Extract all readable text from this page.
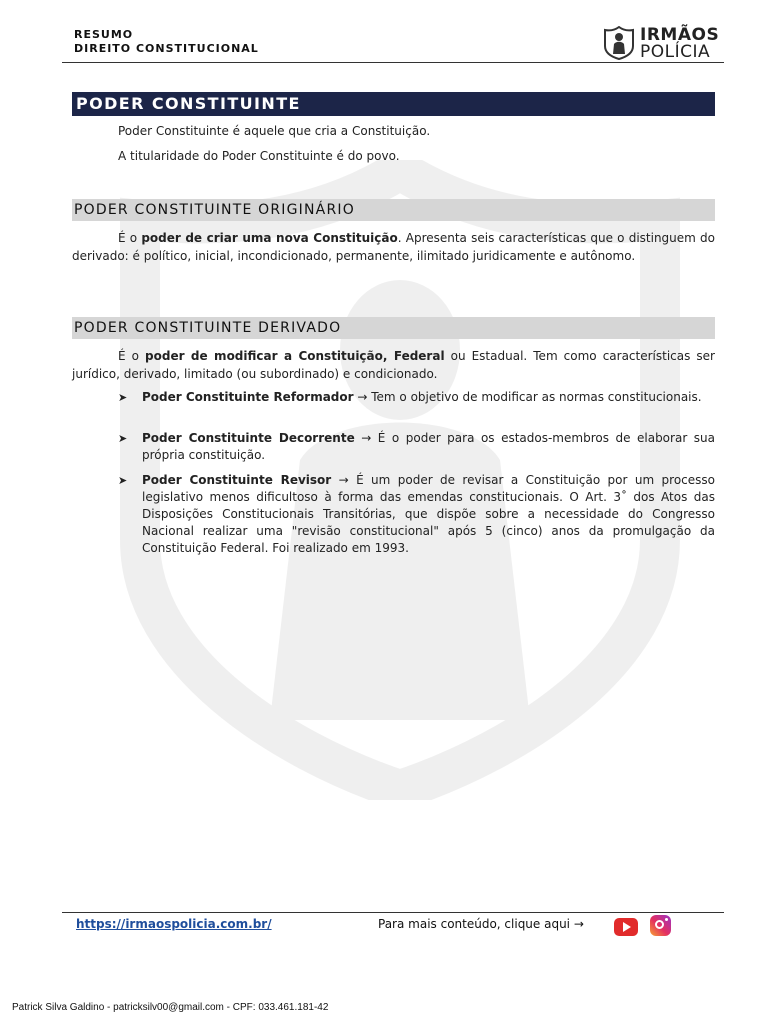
RESUMO
DIREITO CONSTITUCIONAL
IRMÃOS
POLÍCIA
PODER CONSTITUINTE
Poder Constituinte é aquele que cria a Constituição.
A titularidade do Poder Constituinte é do povo.
PODER CONSTITUINTE ORIGINÁRIO
É o poder de criar uma nova Constituição. Apresenta seis características que o distinguem do derivado: é político, inicial, incondicionado, permanente, ilimitado juridicamente e autônomo.
PODER CONSTITUINTE DERIVADO
É o poder de modificar a Constituição, Federal ou Estadual. Tem como características ser jurídico, derivado, limitado (ou subordinado) e condicionado.
➤ Poder Constituinte Reformador → Tem o objetivo de modificar as normas constitucionais.
➤ Poder Constituinte Decorrente → É o poder para os estados-membros de elaborar sua própria constituição.
➤ Poder Constituinte Revisor → É um poder de revisar a Constituição por um processo legislativo menos dificultoso à forma das emendas constitucionais. O Art. 3˚ dos Atos das Disposições Constitucionais Transitórias, que dispõe sobre a necessidade do Congresso Nacional realizar uma "revisão constitucional" após 5 (cinco) anos da promulgação da Constituição Federal. Foi realizado em 1993.
https://irmaospolicia.com.br/	Para mais conteúdo, clique aqui →
Patrick Silva Galdino - patricksilv00@gmail.com - CPF: 033.461.181-42
